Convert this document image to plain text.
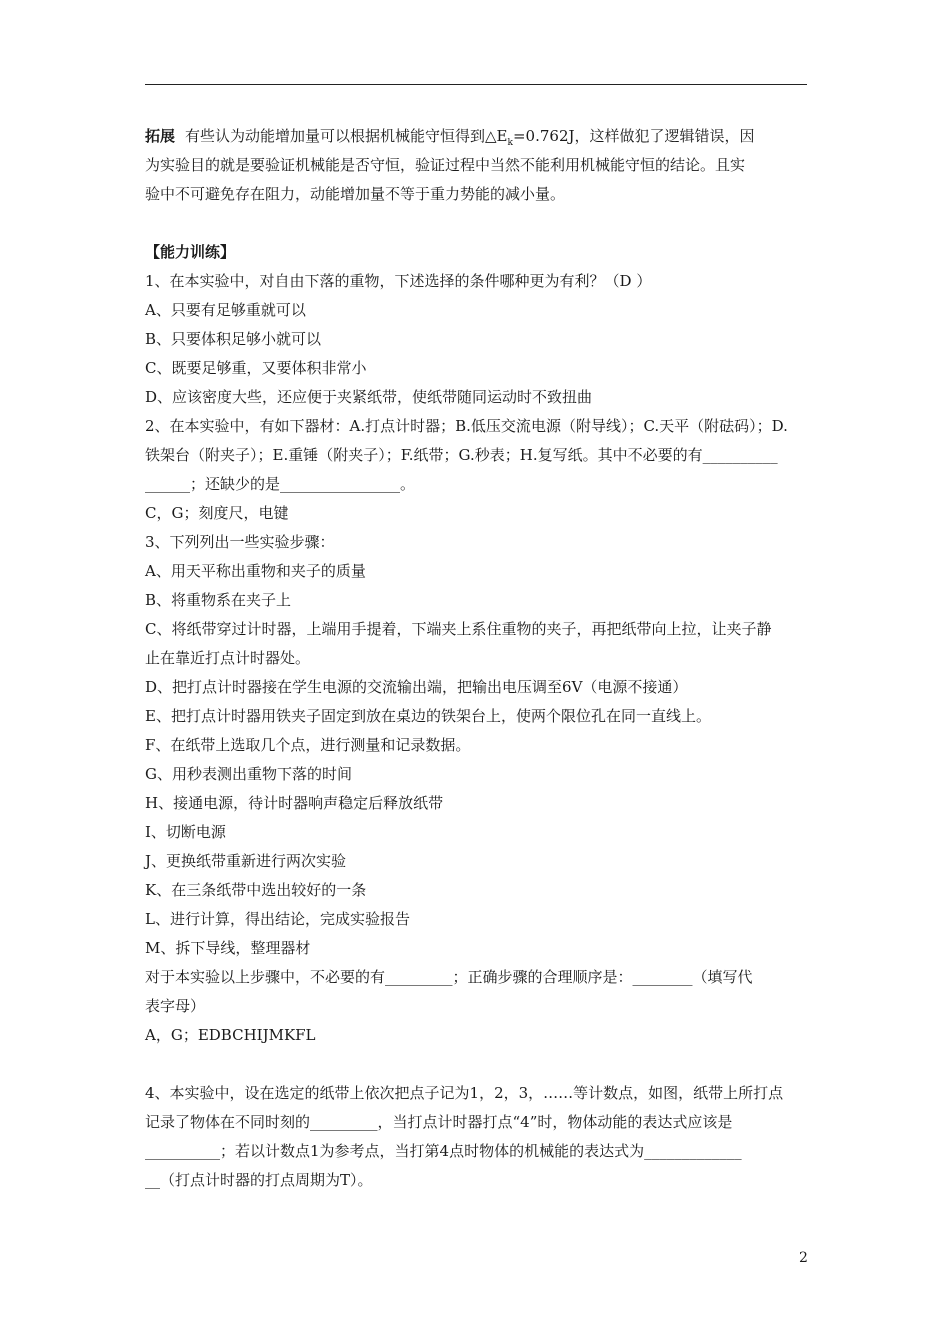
拓展 有些认为动能增加量可以根据机械能守恒得到$\triangle E_k=0.762J$，这样做犯了逻辑错误，因
为实验目的就是要验证机械能是否守恒，验证过程中当然不能利用机械能守恒的结论。且实
验中不可避免存在阻力，动能增加量不等于重力势能的减小量。
【能力训练】
1、在本实验中，对自由下落的重物，下述选择的条件哪种更为有利？（D ）
A、只要有足够重就可以
B、只要体积足够小就可以
C、既要足够重，又要体积非常小
D、应该密度大些，还应便于夹紧纸带，使纸带随同运动时不致扭曲
2、在本实验中，有如下器材：A.打点计时器；B.低压交流电源（附导线）；C.天平（附砝码）；D.
铁架台（附夹子）；E.重锤（附夹子）；F.纸带；G.秒表；H.复写纸。其中不必要的有__________
______；还缺少的是________________。
C，G；刻度尺，电键
3、下列列出一些实验步骤：
A、用天平称出重物和夹子的质量
B、将重物系在夹子上
C、将纸带穿过计时器，上端用手提着，下端夹上系住重物的夹子，再把纸带向上拉，让夹子静
止在靠近打点计时器处。
D、把打点计时器接在学生电源的交流输出端，把输出电压调至6V（电源不接通）
E、把打点计时器用铁夹子固定到放在桌边的铁架台上，使两个限位孔在同一直线上。
F、在纸带上选取几个点，进行测量和记录数据。
G、用秒表测出重物下落的时间
H、接通电源，待计时器响声稳定后释放纸带
I、切断电源
J、更换纸带重新进行两次实验
K、在三条纸带中选出较好的一条
L、进行计算，得出结论，完成实验报告
M、拆下导线，整理器材
对于本实验以上步骤中，不必要的有_________；正确步骤的合理顺序是：________（填写代
表字母）
A，G；EDBCHIJMKFL
4、本实验中，设在选定的纸带上依次把点子记为1，2，3，……等计数点，如图，纸带上所打点
记录了物体在不同时刻的_________，当打点计时器打点“4”时，物体动能的表达式应该是
__________；若以计数点1为参考点，当打第4点时物体的机械能的表达式为_____________
__（打点计时器的打点周期为T）。
2
